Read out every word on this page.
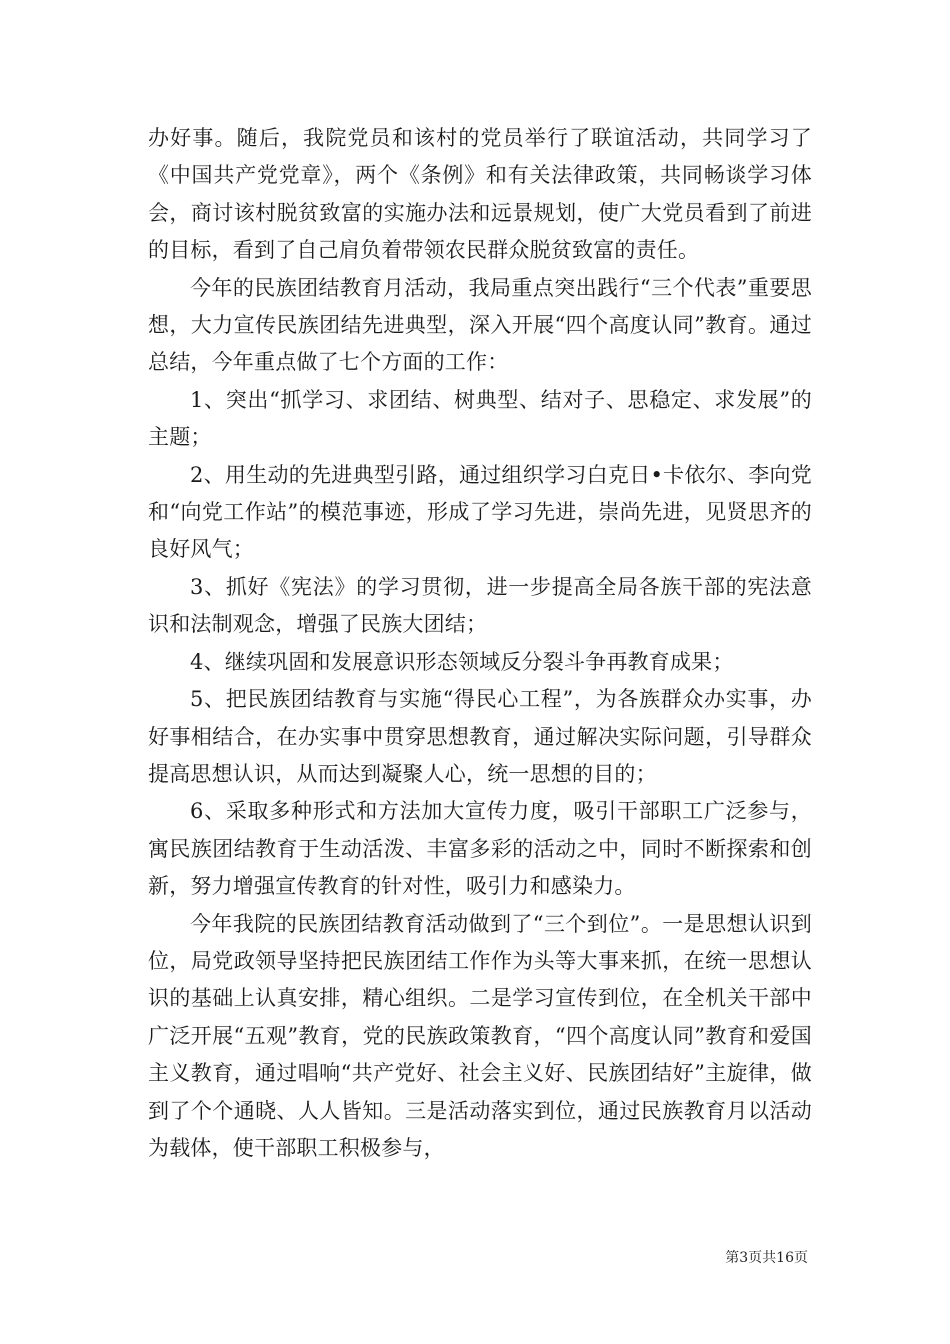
办好事。随后，我院党员和该村的党员举行了联谊活动，共同学习了《中国共产党党章》，两个《条例》和有关法律政策，共同畅谈学习体会，商讨该村脱贫致富的实施办法和远景规划，使广大党员看到了前进的目标，看到了自己肩负着带领农民群众脱贫致富的责任。

今年的民族团结教育月活动，我局重点突出践行“三个代表”重要思想，大力宣传民族团结先进典型，深入开展“四个高度认同”教育。通过总结，今年重点做了七个方面的工作：

1、突出“抓学习、求团结、树典型、结对子、思稳定、求发展”的主题；

2、用生动的先进典型引路，通过组织学习白克日•卡依尔、李向党和“向党工作站”的模范事迹，形成了学习先进，崇尚先进，见贤思齐的良好风气；

3、抓好《宪法》的学习贯彻，进一步提高全局各族干部的宪法意识和法制观念，增强了民族大团结；

4、继续巩固和发展意识形态领域反分裂斗争再教育成果；

5、把民族团结教育与实施“得民心工程”，为各族群众办实事，办好事相结合，在办实事中贯穿思想教育，通过解决实际问题，引导群众提高思想认识，从而达到凝聚人心，统一思想的目的；

6、采取多种形式和方法加大宣传力度，吸引干部职工广泛参与，寓民族团结教育于生动活泼、丰富多彩的活动之中，同时不断探索和创新，努力增强宣传教育的针对性，吸引力和感染力。

今年我院的民族团结教育活动做到了“三个到位”。一是思想认识到位，局党政领导坚持把民族团结工作作为头等大事来抓，在统一思想认识的基础上认真安排，精心组织。二是学习宣传到位，在全机关干部中广泛开展“五观”教育，党的民族政策教育，“四个高度认同”教育和爱国主义教育，通过唱响“共产党好、社会主义好、民族团结好”主旋律，做到了个个通晓、人人皆知。三是活动落实到位，通过民族教育月以活动为载体，使干部职工积极参与，

第3页共16页
